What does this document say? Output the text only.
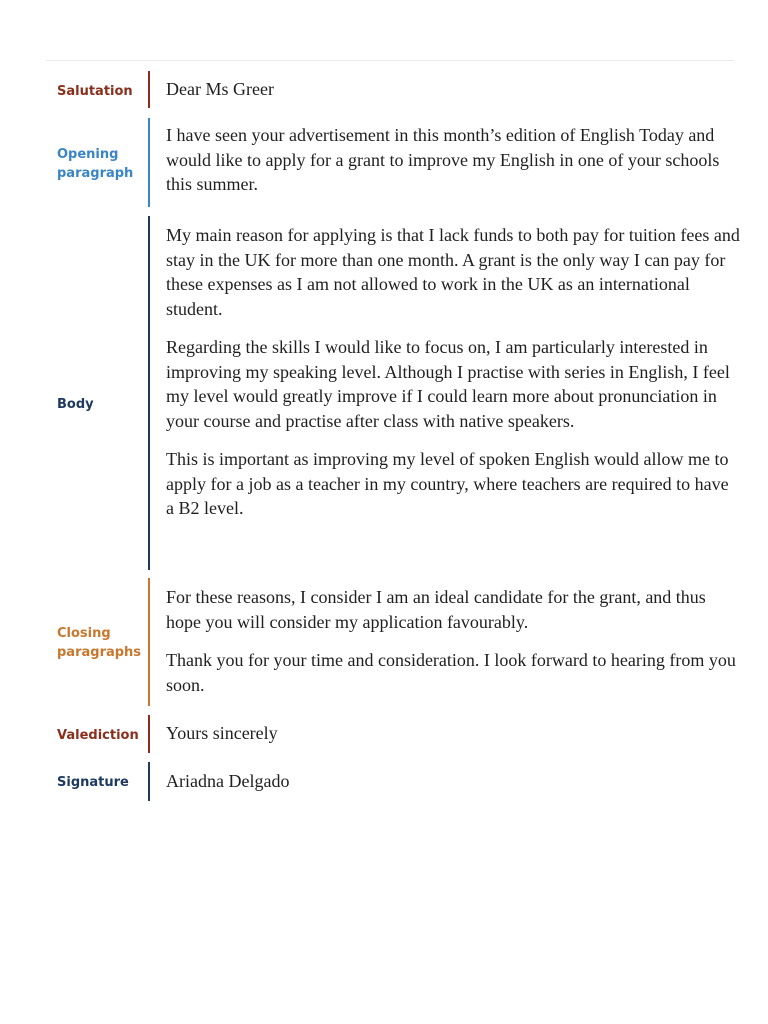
Salutation	Dear Ms Greer
Opening
paragraph
I have seen your advertisement in this month’s edition of English Today and would like to apply for a grant to improve my English in one of your schools this summer.
Body

My main reason for applying is that I lack funds to both pay for tuition fees and stay in the UK for more than one month. A grant is the only way I can pay for these expenses as I am not allowed to work in the UK as an international student.

Regarding the skills I would like to focus on, I am particularly interested in improving my speaking level. Although I practise with series in English, I feel my level would greatly improve if I could learn more about pronunciation in your course and practise after class with native speakers.

This is important as improving my level of spoken English would allow me to apply for a job as a teacher in my country, where teachers are required to have a B2 level.

Closing
paragraphs

For these reasons, I consider I am an ideal candidate for the grant, and thus hope you will consider my application favourably.

Thank you for your time and consideration. I look forward to hearing from you soon.

Valediction Yours sincerely
Signature	Ariadna Delgado
